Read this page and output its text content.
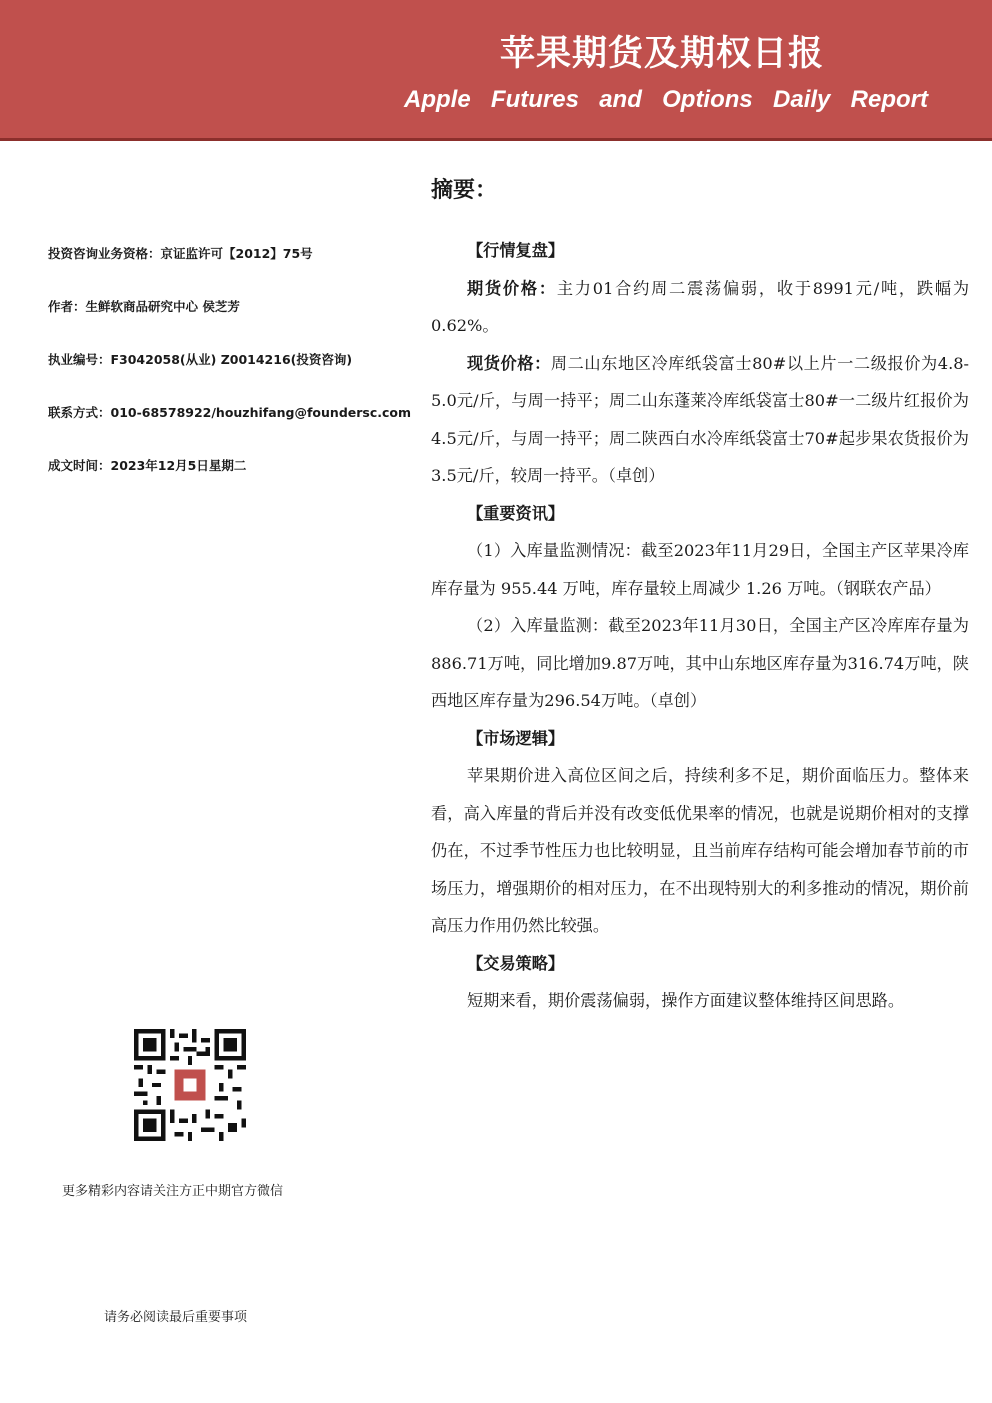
苹果期货及期权日报
Apple Futures and Options Daily Report
摘要：
投资咨询业务资格：京证监许可【2012】75号
作者：生鲜软商品研究中心 侯芝芳
执业编号：F3042058(从业) Z0014216(投资咨询)
联系方式：010-68578922/houzhifang@foundersc.com
成文时间：2023年12月5日星期二
更多精彩内容请关注方正中期官方微信
请务必阅读最后重要事项

【行情复盘】

期货价格：主力01合约周二震荡偏弱，收于8991元/吨，跌幅为0.62%。

现货价格：周二山东地区冷库纸袋富士80#以上片一二级报价为4.8-5.0元/斤，与周一持平；周二山东蓬莱冷库纸袋富士80#一二级片红报价为4.5元/斤，与周一持平；周二陕西白水冷库纸袋富士70#起步果农货报价为3.5元/斤，较周一持平。（卓创）

【重要资讯】

（1）入库量监测情况：截至2023年11月29日，全国主产区苹果冷库库存量为 955.44 万吨，库存量较上周减少 1.26 万吨。（钢联农产品）

（2）入库量监测：截至2023年11月30日，全国主产区冷库库存量为886.71万吨，同比增加9.87万吨，其中山东地区库存量为316.74万吨，陕西地区库存量为296.54万吨。（卓创）

【市场逻辑】

苹果期价进入高位区间之后，持续利多不足，期价面临压力。整体来看，高入库量的背后并没有改变低优果率的情况，也就是说期价相对的支撑仍在，不过季节性压力也比较明显，且当前库存结构可能会增加春节前的市场压力，增强期价的相对压力，在不出现特别大的利多推动的情况，期价前高压力作用仍然比较强。

【交易策略】

短期来看，期价震荡偏弱，操作方面建议整体维持区间思路。
